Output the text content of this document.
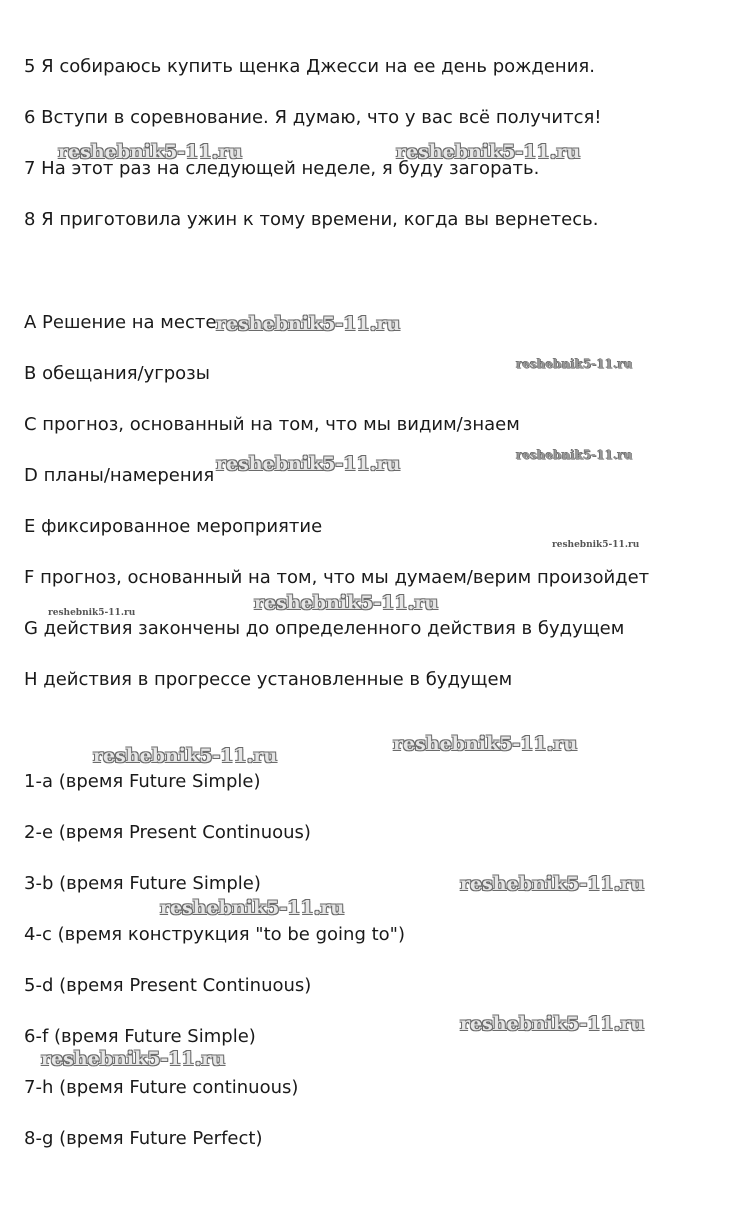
5 Я собираюсь купить щенка Джесси на ее день рождения.

6 Вступи в соревнование. Я думаю, что у вас всё получится!

7 На этот раз на следующей неделе, я буду загорать.

8 Я приготовила ужин к тому времени, когда вы вернетесь.

A Решение на месте

B обещания/угрозы

C прогноз, основанный на том, что мы видим/знаем

D планы/намерения

E фиксированное мероприятие

F прогноз, основанный на том, что мы думаем/верим произойдет

G действия закончены до определенного действия в будущем

H действия в прогрессе установленные в будущем

1-a (время Future Simple)

2-e (время Present Continuous)

3-b (время Future Simple)

4-c (время конструкция "to be going to")

5-d (время Present Continuous)

6-f (время Future Simple)

7-h (время Future continuous)

8-g (время Future Perfect)

reshebnik5-11.ru	reshebnik5-11.ru
reshebnik5-11.ru
reshebnik5-11.ru
reshebnik5-11.ru
reshebnik5-11.ru
reshebnik5-11.ru
reshebnik5-11.ru
reshebnik5-11.ru
reshebnik5-11.ru
reshebnik5-11.ru
reshebnik5-11.ru
reshebnik5-11.ru
reshebnik5-11.ru
reshebnik5-11.ru
